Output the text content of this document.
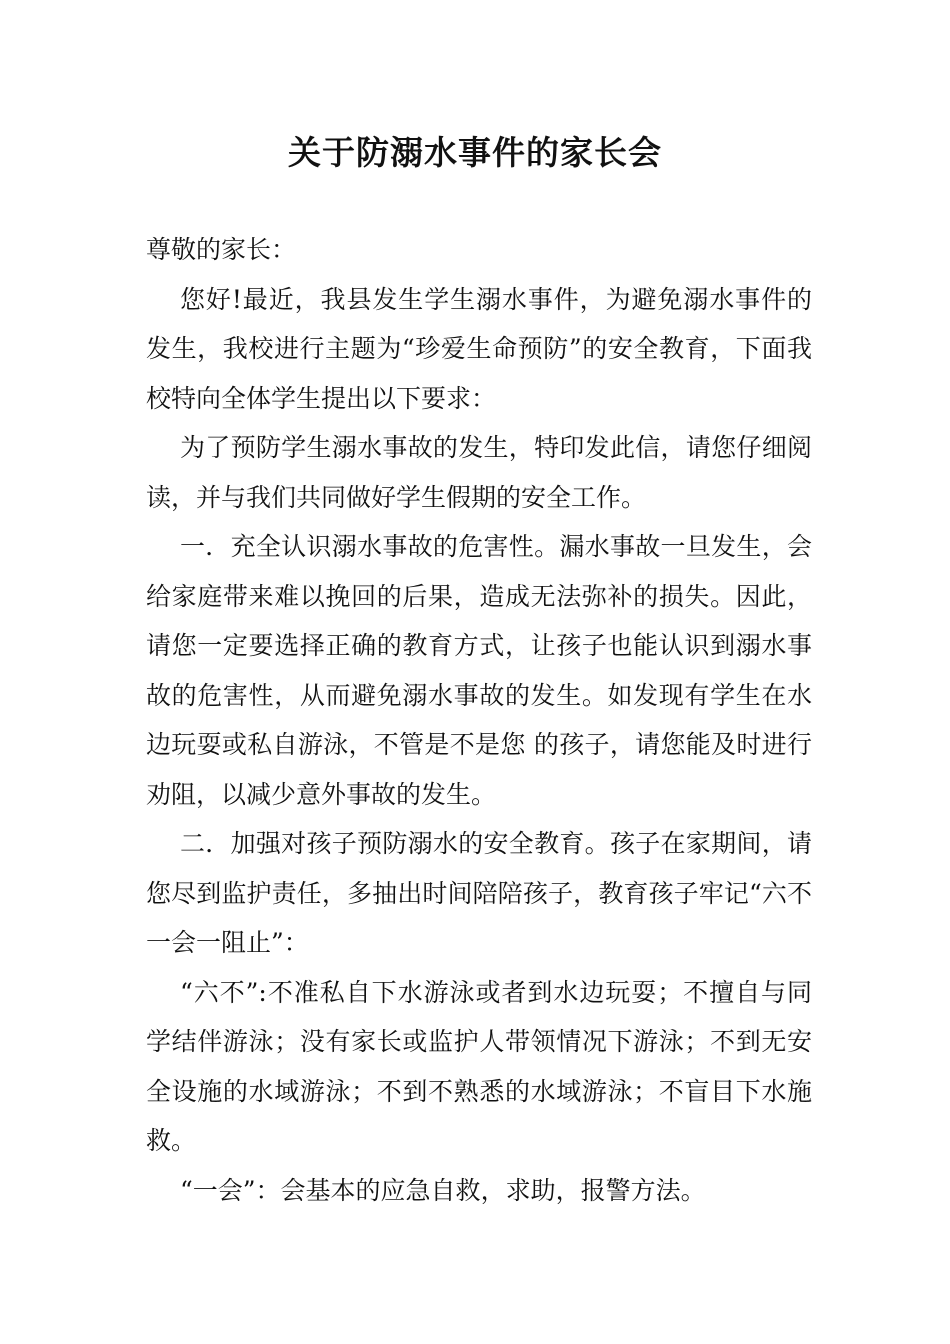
关于防溺水事件的家长会

尊敬的家长：

您好!最近，我县发生学生溺水事件，为避免溺水事件的发生，我校进行主题为“珍爱生命预防”的安全教育，下面我校特向全体学生提出以下要求：

为了预防学生溺水事故的发生，特印发此信，请您仔细阅读，并与我们共同做好学生假期的安全工作。

一．充全认识溺水事故的危害性。漏水事故一旦发生，会给家庭带来难以挽回的后果，造成无法弥补的损失。因此，请您一定要选择正确的教育方式，让孩子也能认识到溺水事故的危害性，从而避免溺水事故的发生。如发现有学生在水边玩耍或私自游泳，不管是不是您 的孩子，请您能及时进行劝阻，以减少意外事故的发生。

二．加强对孩子预防溺水的安全教育。孩子在家期间，请您尽到监护责任，多抽出时间陪陪孩子，教育孩子牢记“六不一会一阻止”：

“六不”:不准私自下水游泳或者到水边玩耍；不擅自与同学结伴游泳；没有家长或监护人带领情况下游泳；不到无安全设施的水域游泳；不到不熟悉的水域游泳；不盲目下水施救。

“一会”：会基本的应急自救，求助，报警方法。
